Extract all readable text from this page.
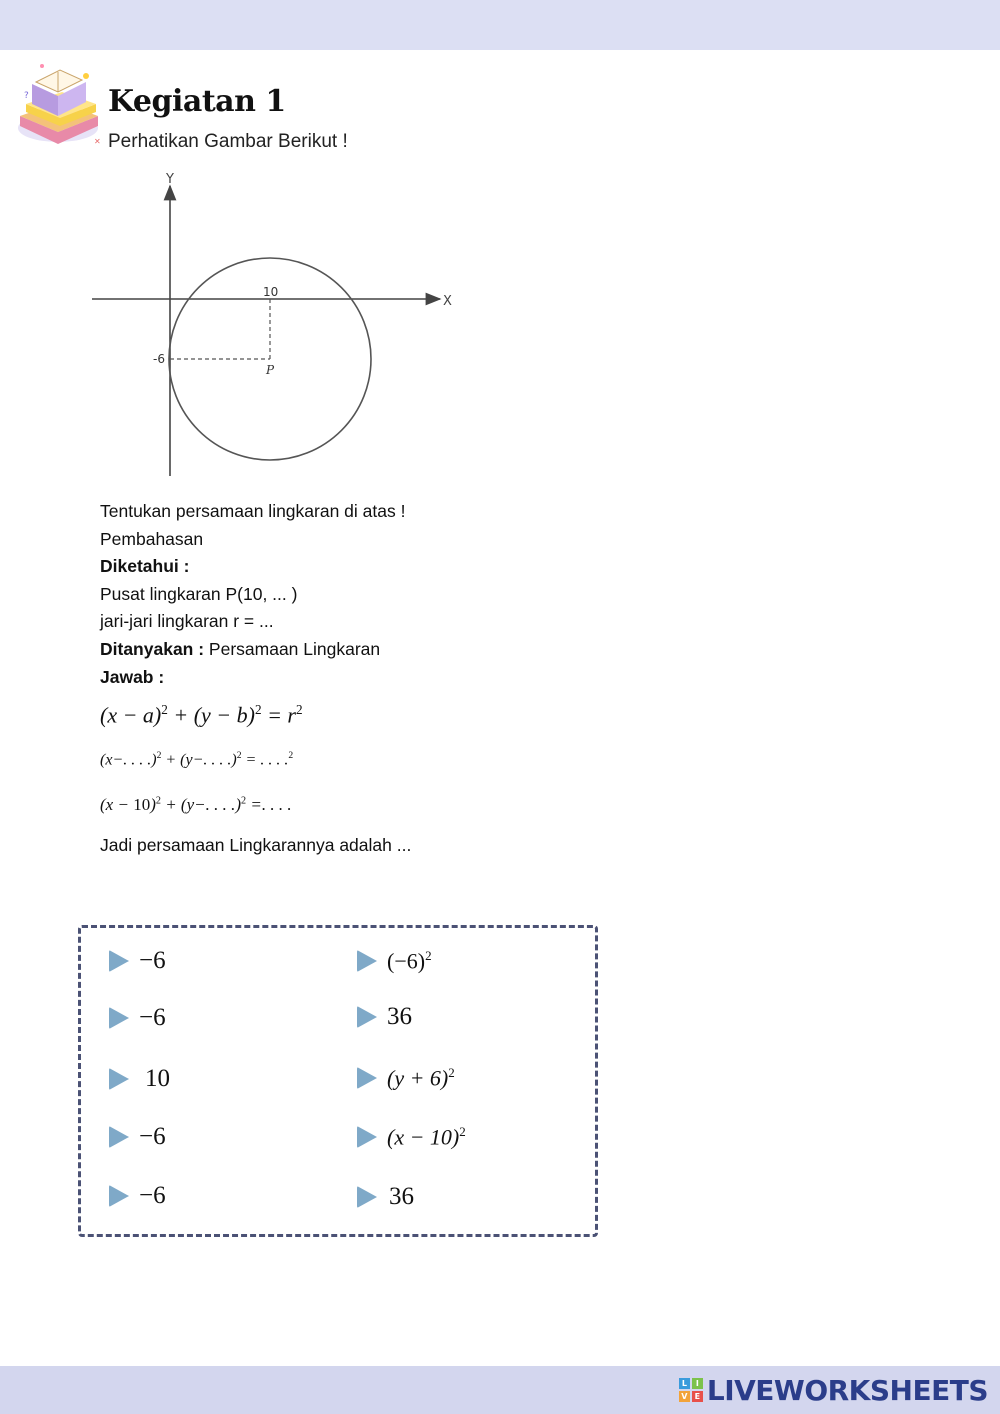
?
✕
Kegiatan 1
Perhatikan Gambar Berikut !
X
Y
10
-6
P
Tentukan persamaan lingkaran di atas !
Pembahasan
Diketahui :
Pusat lingkaran P(10, ... )
jari-jari lingkaran r = ...
Ditanyakan : Persamaan Lingkaran
Jawab :
$(x - a)^2 + (y - b)^2 = r^2$
(x−. . . .)$^2$ + (y−. . . .)$^2$ = . . . .$^2$
$(x - 10)^2 + (y-$. . . .)$^2$ =. . . .
Jadi persamaan Lingkarannya adalah ...
−6
−6
10
−6
−6
$(-6)^2$
36
$(y + 6)^2$
$(x - 10)^2$
36
L	I
V E LIVEWORKSHEETS
